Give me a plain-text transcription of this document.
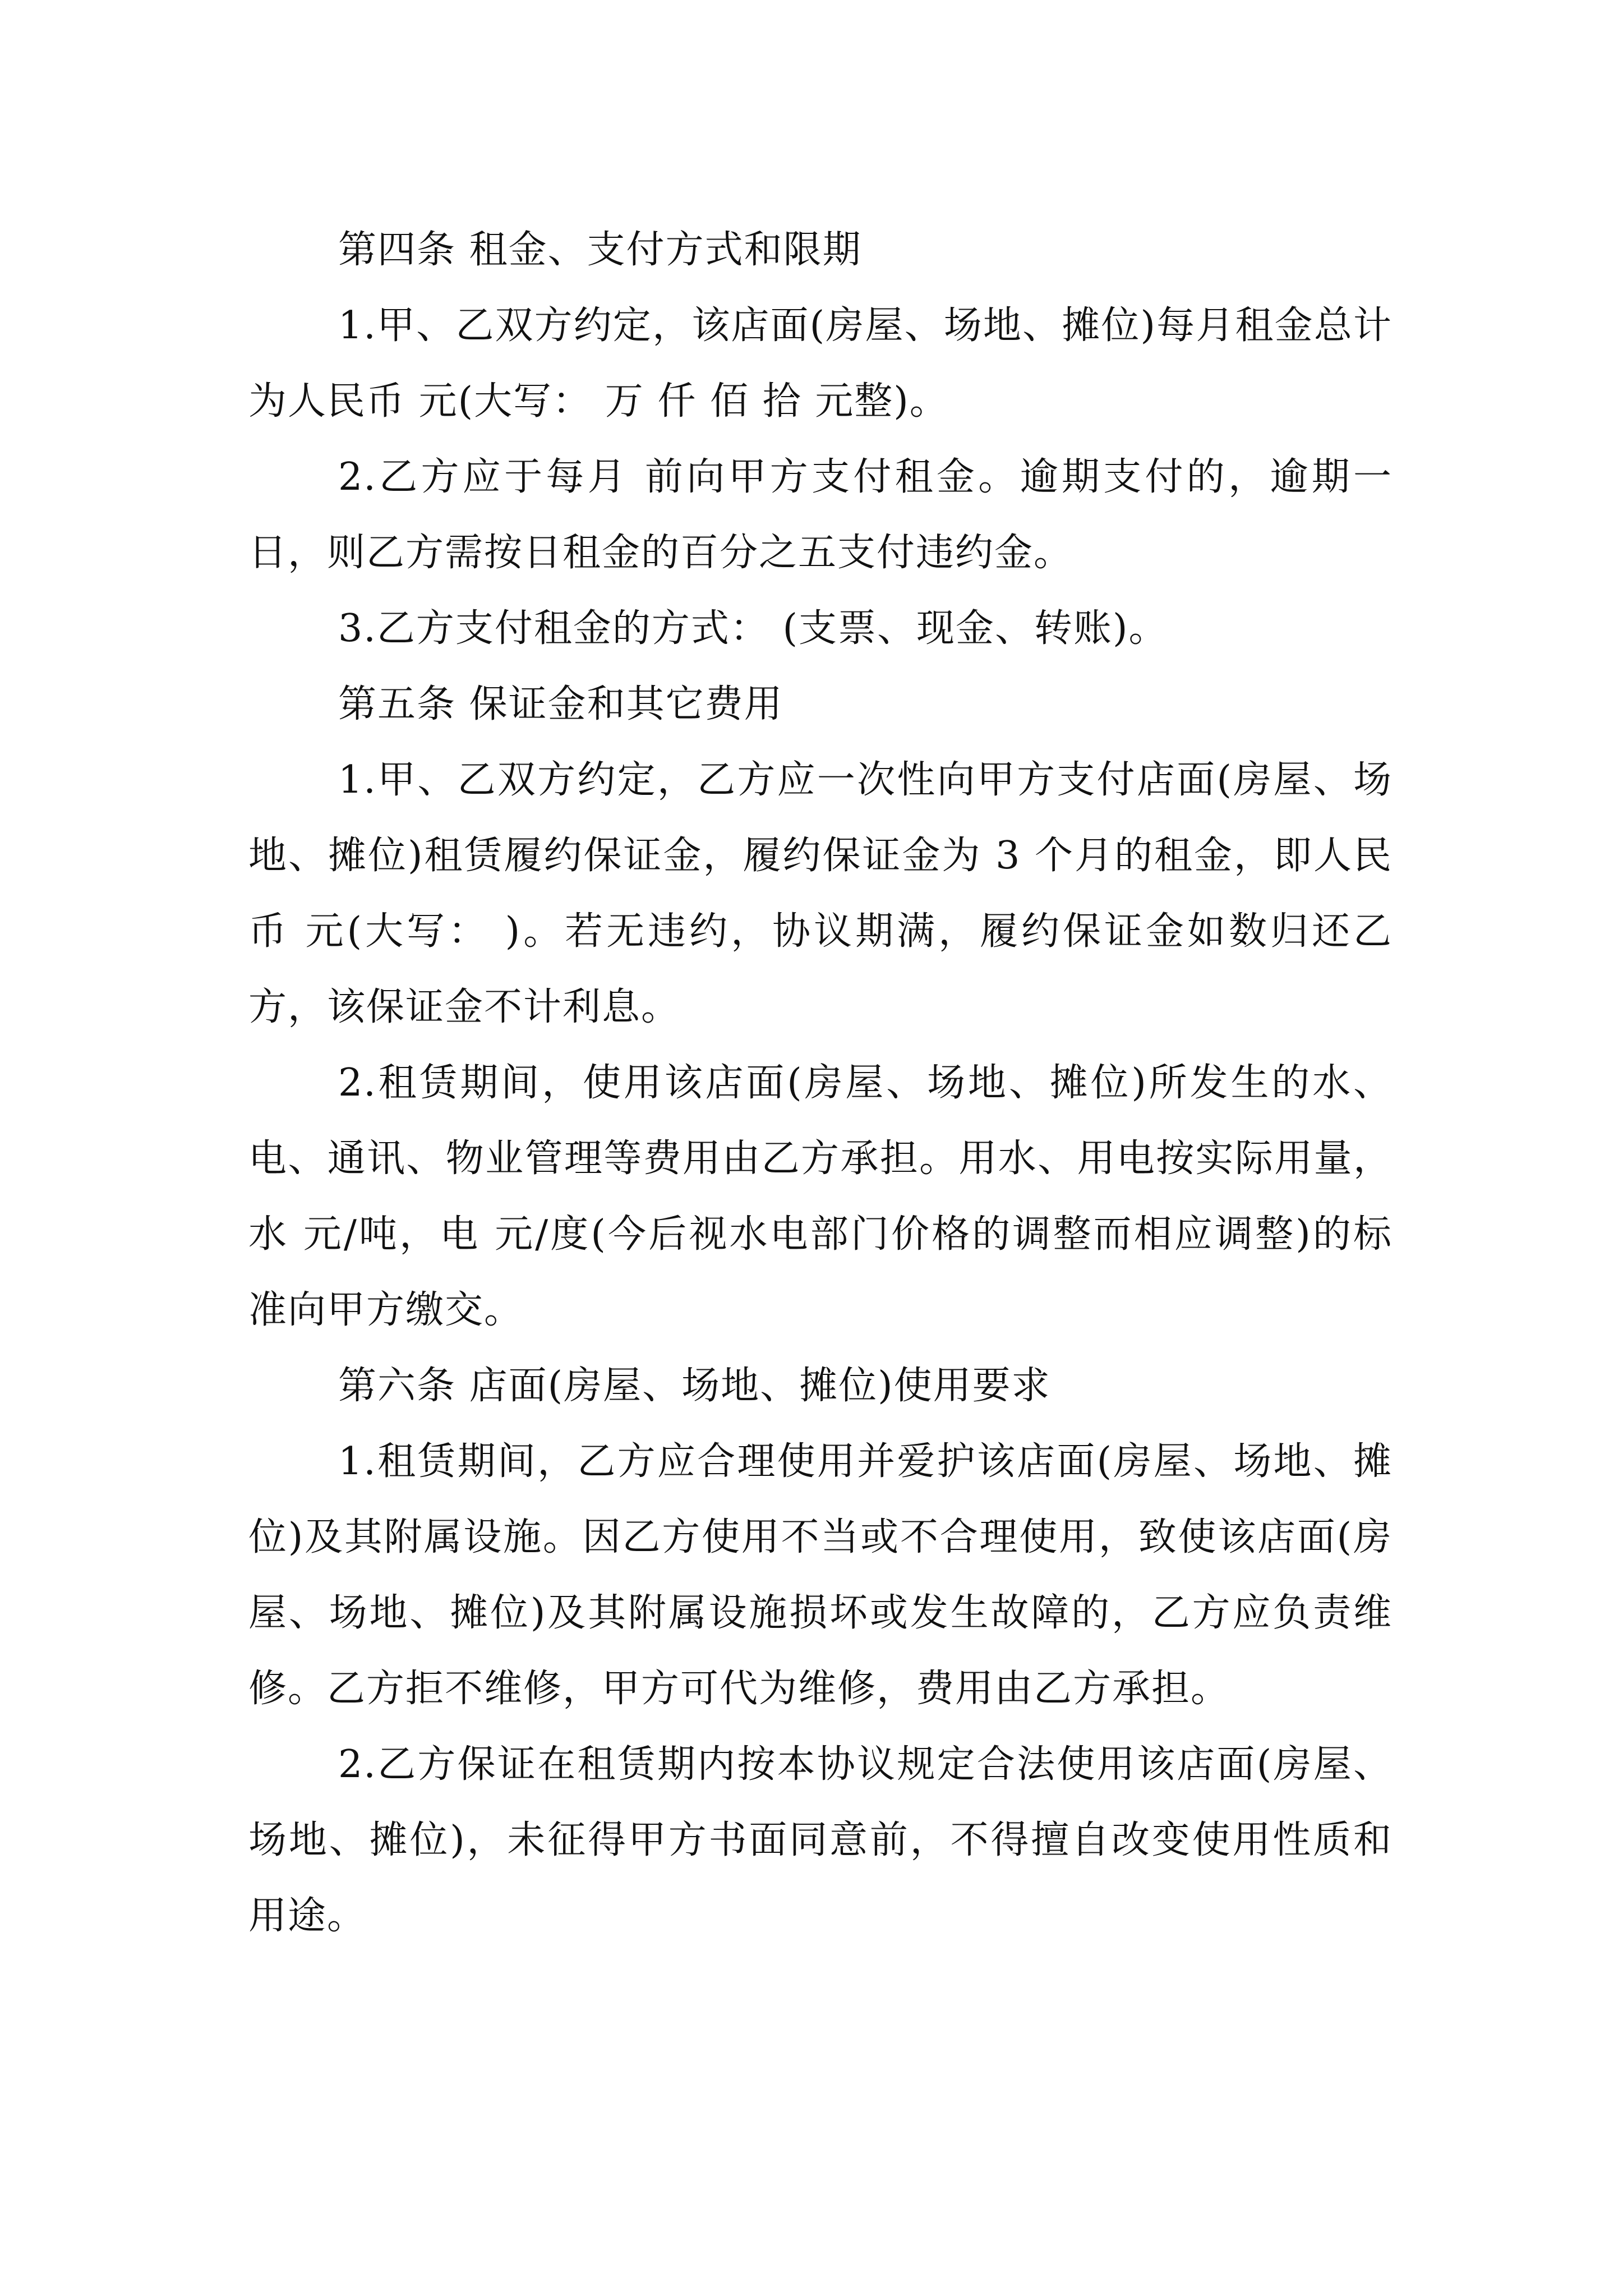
第四条 租金、支付方式和限期

1.甲、乙双方约定，该店面(房屋、场地、摊位)每月租金总计为人民币 元(大写： 万 仟 佰 拾 元整)。

2.乙方应于每月 前向甲方支付租金。逾期支付的，逾期一日，则乙方需按日租金的百分之五支付违约金。

3.乙方支付租金的方式： (支票、现金、转账)。

第五条 保证金和其它费用

1.甲、乙双方约定，乙方应一次性向甲方支付店面(房屋、场地、摊位)租赁履约保证金，履约保证金为 3 个月的租金，即人民币 元(大写： )。若无违约，协议期满，履约保证金如数归还乙方，该保证金不计利息。

2.租赁期间，使用该店面(房屋、场地、摊位)所发生的水、电、通讯、物业管理等费用由乙方承担。用水、用电按实际用量，水 元/吨，电 元/度(今后视水电部门价格的调整而相应调整)的标准向甲方缴交。

第六条 店面(房屋、场地、摊位)使用要求

1.租赁期间，乙方应合理使用并爱护该店面(房屋、场地、摊位)及其附属设施。因乙方使用不当或不合理使用，致使该店面(房屋、场地、摊位)及其附属设施损坏或发生故障的，乙方应负责维修。乙方拒不维修，甲方可代为维修，费用由乙方承担。

2.乙方保证在租赁期内按本协议规定合法使用该店面(房屋、场地、摊位)，未征得甲方书面同意前，不得擅自改变使用性质和用途。
